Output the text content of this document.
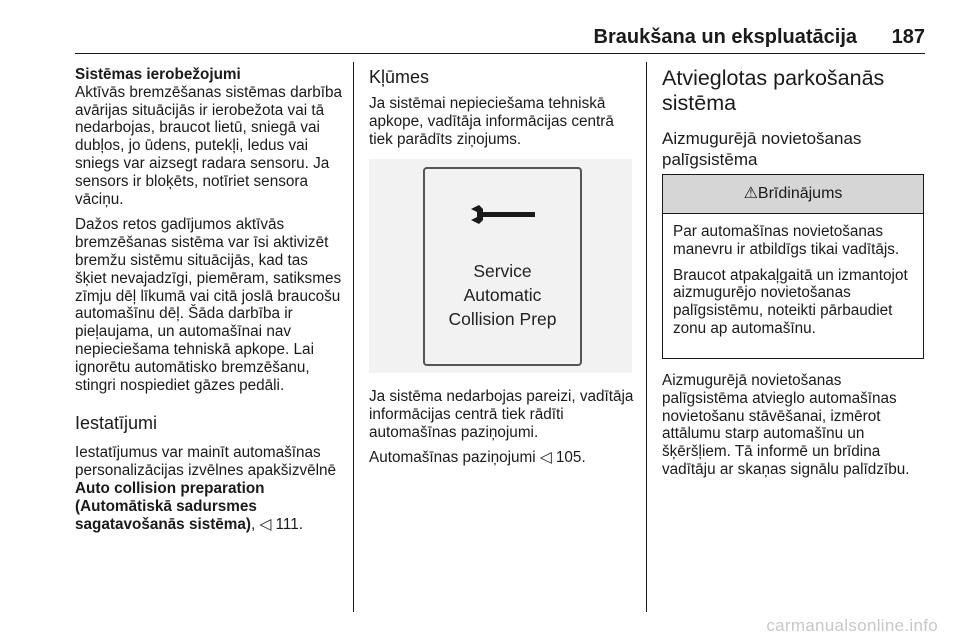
Braukšana un ekspluatācija 187

Sistēmas ierobežojumi

Aktīvās bremzēšanas sistēmas darbība avārijas situācijās ir ierobežota vai tā nedarbojas, braucot lietū, sniegā vai dubļos, jo ūdens, putekļi, ledus vai sniegs var aizsegt radara sensoru. Ja sensors ir bloķēts, notīriet sensora vāciņu.

Dažos retos gadījumos aktīvās bremzēšanas sistēma var īsi aktivizēt bremžu sistēmu situācijās, kad tas šķiet nevajadzīgi, piemēram, satiksmes zīmju dēļ līkumā vai citā joslā braucošu automašīnu dēļ. Šāda darbība ir pieļaujama, un automašīnai nav nepieciešama tehniskā apkope. Lai ignorētu automātisko bremzēšanu, stingri nospiediet gāzes pedāli.

Iestatījumi

Iestatījumus var mainīt automašīnas personalizācijas izvēlnes apakšizvēlnē Auto collision preparation (Automātiskā sadursmes sagatavošanās sistēma), ◁ 111.

Kļūmes

Ja sistēmai nepieciešama tehniskā apkope, vadītāja informācijas centrā tiek parādīts ziņojums.

Service
Automatic
Collision Prep

Ja sistēma nedarbojas pareizi, vadītāja informācijas centrā tiek rādīti automašīnas paziņojumi.

Automašīnas paziņojumi ◁ 105.

Atvieglotas parkošanās sistēma

Aizmugurējā novietošanas palīgsistēma

⚠Brīdinājums

Par automašīnas novietošanas manevru ir atbildīgs tikai vadītājs.

Braucot atpakaļgaitā un izmantojot aizmugurējo novietošanas palīgsistēmu, noteikti pārbaudiet zonu ap automašīnu.

Aizmugurējā novietošanas palīgsistēma atvieglo automašīnas novietošanu stāvēšanai, izmērot attālumu starp automašīnu un šķēršļiem. Tā informē un brīdina vadītāju ar skaņas signālu palīdzību.

carmanualsonline.info
